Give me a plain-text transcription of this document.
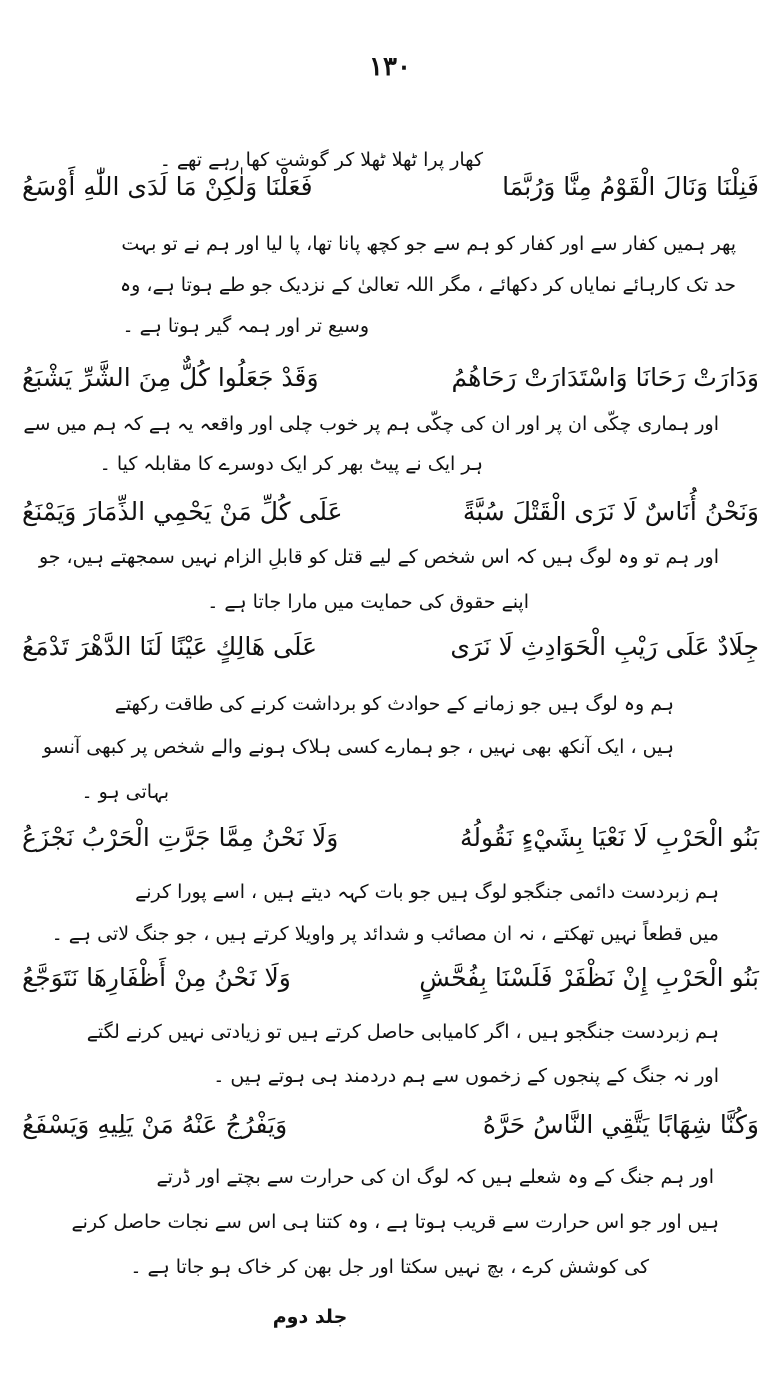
١٣٠
کھار پرا ٹھلا ٹھلا کر گوشت کھا رہے تھے ۔
فَنِلْنَا وَنَالَ الْقَوْمُ مِنَّا وَرُبَّمَا
فَعَلْنَا وَلٰكِنْ مَا لَدَى اللّٰهِ أَوْسَعُ
پھر ہمیں کفار سے اور کفار کو ہم سے جو کچھ پانا تھا، پا لیا اور ہم نے تو بہت
حد تک کارہائے نمایاں کر دکھائے ، مگر اللہ تعالیٰ کے نزدیک جو طے ہوتا ہے، وہ
وسیع تر اور ہمہ گیر ہوتا ہے ۔
وَدَارَتْ رَحَانَا وَاسْتَدَارَتْ رَحَاهُمُ
وَقَدْ جَعَلُوا كُلٌّ مِنَ الشَّرِّ يَشْبَعُ
اور ہماری چکّی ان پر اور ان کی چکّی ہم پر خوب چلی اور واقعہ یہ ہے کہ ہم میں سے
ہر ایک نے پیٹ بھر کر ایک دوسرے کا مقابلہ کیا ۔
وَنَحْنُ أُنَاسٌ لَا نَرَى الْقَتْلَ سُبَّةً
عَلَى كُلِّ مَنْ يَحْمِي الذِّمَارَ وَيَمْنَعُ
اور ہم تو وہ لوگ ہیں کہ اس شخص کے لیے قتل کو قابلِ الزام نہیں سمجھتے ہیں، جو
اپنے حقوق کی حمایت میں مارا جاتا ہے ۔
جِلَادٌ عَلَى رَيْبِ الْحَوَادِثِ لَا نَرَى
عَلَى هَالِكٍ عَيْنًا لَنَا الدَّهْرَ تَدْمَعُ
ہم وہ لوگ ہیں جو زمانے کے حوادث کو برداشت کرنے کی طاقت رکھتے
ہیں ، ایک آنکھ بھی نہیں ، جو ہمارے کسی ہلاک ہونے والے شخص پر کبھی آنسو
بہاتی ہو ۔
بَنُو الْحَرْبِ لَا نَعْيَا بِشَيْءٍ نَقُولُهُ
وَلَا نَحْنُ مِمَّا جَرَّتِ الْحَرْبُ نَجْزَعُ
ہم زبردست دائمی جنگجو لوگ ہیں جو بات کہہ دیتے ہیں ، اسے پورا کرنے
میں قطعاً نہیں تھکتے ، نہ ان مصائب و شدائد پر واویلا کرتے ہیں ، جو جنگ لاتی ہے ۔
بَنُو الْحَرْبِ إِنْ نَظْفَرْ فَلَسْنَا بِفُحَّشٍ
وَلَا نَحْنُ مِنْ أَظْفَارِهَا نَتَوَجَّعُ
ہم زبردست جنگجو ہیں ، اگر کامیابی حاصل کرتے ہیں تو زیادتی نہیں کرنے لگتے
اور نہ جنگ کے پنجوں کے زخموں سے ہم دردمند ہی ہوتے ہیں ۔
وَكُنَّا شِهَابًا يَتَّقِي النَّاسُ حَرَّهُ
وَيَفْرُجُ عَنْهُ مَنْ يَلِيهِ وَيَسْفَعُ
اور ہم جنگ کے وہ شعلے ہیں کہ لوگ ان کی حرارت سے بچتے اور ڈرتے
ہیں اور جو اس حرارت سے قریب ہوتا ہے ، وہ کتنا ہی اس سے نجات حاصل کرنے
کی کوشش کرے ، بچ نہیں سکتا اور جل بھن کر خاک ہو جاتا ہے ۔
جلد دوم
